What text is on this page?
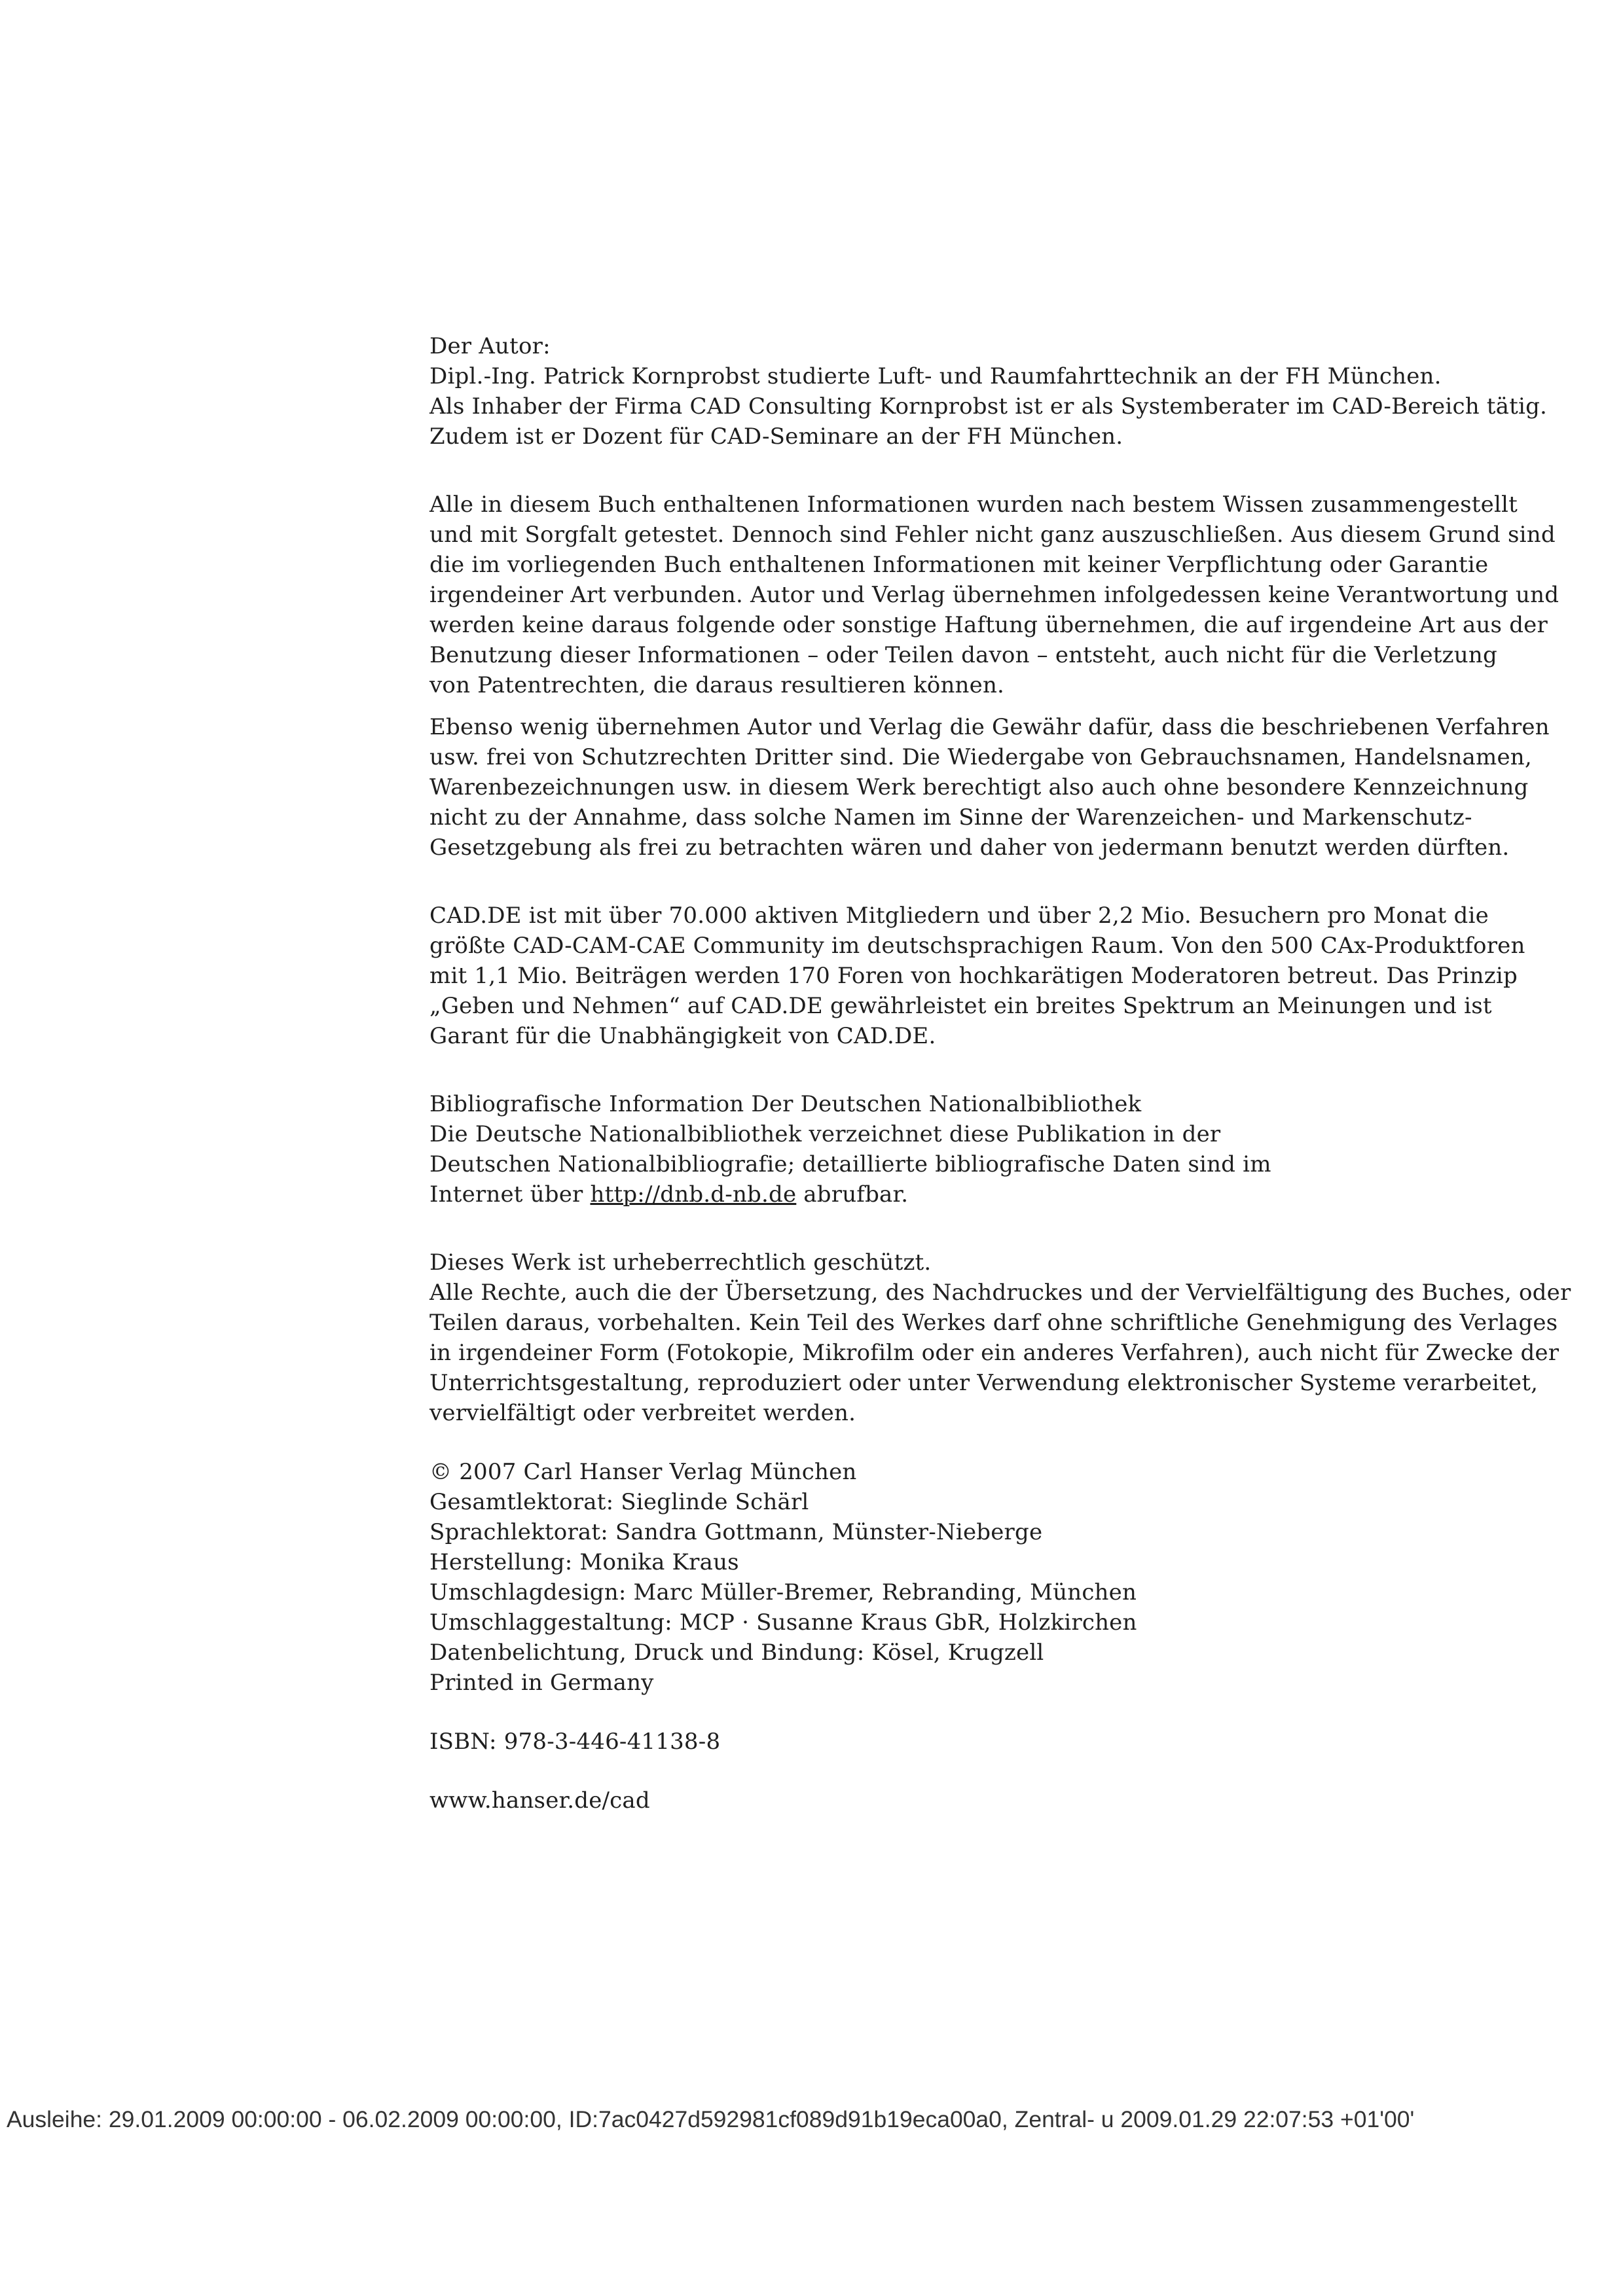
Der Autor:

Dipl.-Ing. Patrick Kornprobst studierte Luft- und Raumfahrttechnik an der FH München.
Als Inhaber der Firma CAD Consulting Kornprobst ist er als Systemberater im CAD-Bereich tätig.
Zudem ist er Dozent für CAD-Seminare an der FH München.

Alle in diesem Buch enthaltenen Informationen wurden nach bestem Wissen zusammengestellt
und mit Sorgfalt getestet. Dennoch sind Fehler nicht ganz auszuschließen. Aus diesem Grund sind
die im vorliegenden Buch enthaltenen Informationen mit keiner Verpflichtung oder Garantie
irgendeiner Art verbunden. Autor und Verlag übernehmen infolgedessen keine Verantwortung und
werden keine daraus folgende oder sonstige Haftung übernehmen, die auf irgendeine Art aus der
Benutzung dieser Informationen – oder Teilen davon – entsteht, auch nicht für die Verletzung
von Patentrechten, die daraus resultieren können.

Ebenso wenig übernehmen Autor und Verlag die Gewähr dafür, dass die beschriebenen Verfahren
usw. frei von Schutzrechten Dritter sind. Die Wiedergabe von Gebrauchsnamen, Handelsnamen,
Warenbezeichnungen usw. in diesem Werk berechtigt also auch ohne besondere Kennzeichnung
nicht zu der Annahme, dass solche Namen im Sinne der Warenzeichen- und Markenschutz-
Gesetzgebung als frei zu betrachten wären und daher von jedermann benutzt werden dürften.

CAD.DE ist mit über 70.000 aktiven Mitgliedern und über 2,2 Mio. Besuchern pro Monat die
größte CAD-CAM-CAE Community im deutschsprachigen Raum. Von den 500 CAx-Produktforen
mit 1,1 Mio. Beiträgen werden 170 Foren von hochkarätigen Moderatoren betreut. Das Prinzip
„Geben und Nehmen“ auf CAD.DE gewährleistet ein breites Spektrum an Meinungen und ist
Garant für die Unabhängigkeit von CAD.DE.

Bibliografische Information Der Deutschen Nationalbibliothek
Die Deutsche Nationalbibliothek verzeichnet diese Publikation in der
Deutschen Nationalbibliografie; detaillierte bibliografische Daten sind im
Internet über http://dnb.d-nb.de abrufbar.

Dieses Werk ist urheberrechtlich geschützt.
Alle Rechte, auch die der Übersetzung, des Nachdruckes und der Vervielfältigung des Buches, oder
Teilen daraus, vorbehalten. Kein Teil des Werkes darf ohne schriftliche Genehmigung des Verlages
in irgendeiner Form (Fotokopie, Mikrofilm oder ein anderes Verfahren), auch nicht für Zwecke der
Unterrichtsgestaltung, reproduziert oder unter Verwendung elektronischer Systeme verarbeitet,
vervielfältigt oder verbreitet werden.

© 2007 Carl Hanser Verlag München
Gesamtlektorat: Sieglinde Schärl
Sprachlektorat: Sandra Gottmann, Münster-Nieberge
Herstellung: Monika Kraus
Umschlagdesign: Marc Müller-Bremer, Rebranding, München
Umschlaggestaltung: MCP · Susanne Kraus GbR, Holzkirchen
Datenbelichtung, Druck und Bindung: Kösel, Krugzell
Printed in Germany

ISBN: 978-3-446-41138-8

www.hanser.de/cad

Ausleihe: 29.01.2009 00:00:00 - 06.02.2009 00:00:00, ID:7ac0427d592981cf089d91b19eca00a0, Zentral- u 2009.01.29 22:07:53 +01'00'
